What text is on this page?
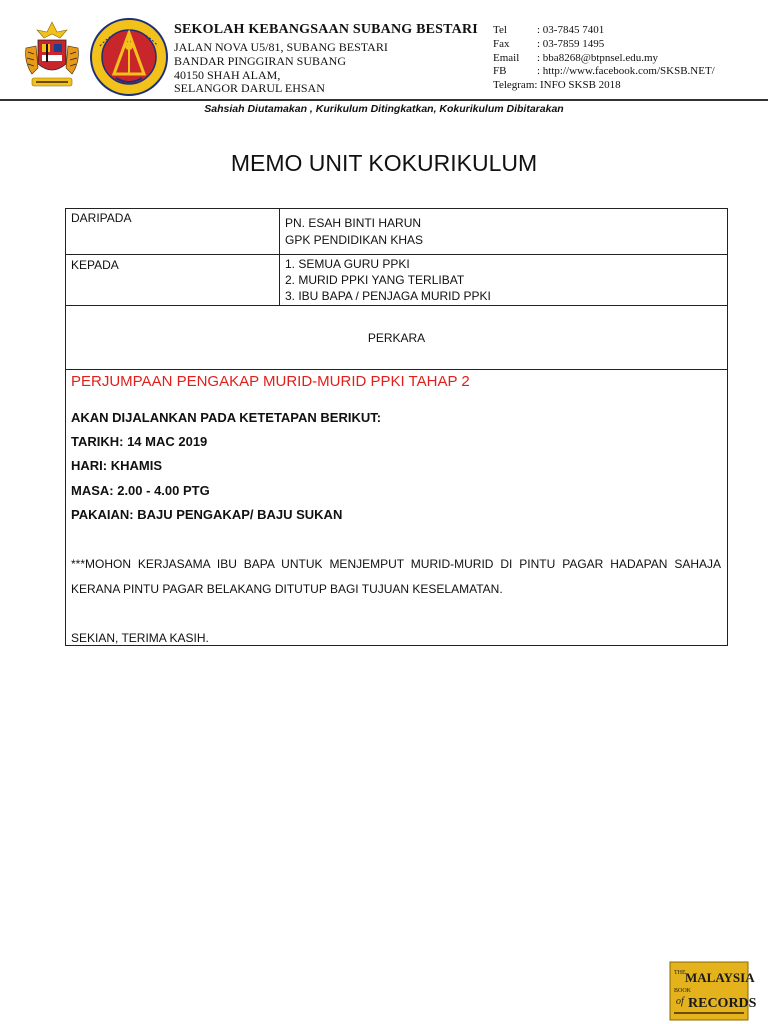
SEKOLAH KEBANGSAAN SUBANG BESTARI
JALAN NOVA U5/81, SUBANG BESTARI
BANDAR PINGGIRAN SUBANG
40150 SHAH ALAM,
SELANGOR DARUL EHSAN
Tel	: 03-7845 7401
Fax	: 03-7859 1495
Email : bba8268@btpnsel.edu.my
FB	: http://www.facebook.com/SKSB.NET/
Telegram: INFO SKSB 2018
Sahsiah Diutamakan , Kurikulum Ditingkatkan, Kokurikulum Dibitarakan
MEMO UNIT KOKURIKULUM
DARIPADA	PN. ESAH BINTI HARUN
GPK PENDIDIKAN KHAS
KEPADA	1. SEMUA GURU PPKI
2. MURID PPKI YANG TERLIBAT
3. IBU BAPA / PENJAGA MURID PPKI
PERKARA
PERJUMPAAN PENGAKAP MURID-MURID PPKI TAHAP 2
AKAN DIJALANKAN PADA KETETAPAN BERIKUT:
TARIKH: 14 MAC 2019
HARI: KHAMIS
MASA: 2.00 - 4.00 PTG
PAKAIAN: BAJU PENGAKAP/ BAJU SUKAN
***MOHON KERJASAMA IBU BAPA UNTUK MENJEMPUT MURID-MURID DI PINTU PAGAR HADAPAN SAHAJA KERANA PINTU PAGAR BELAKANG DITUTUP BAGI TUJUAN KESELAMATAN.
SEKIAN, TERIMA KASIH.
THE MALAYSIA
BOOK
of RECORDS
